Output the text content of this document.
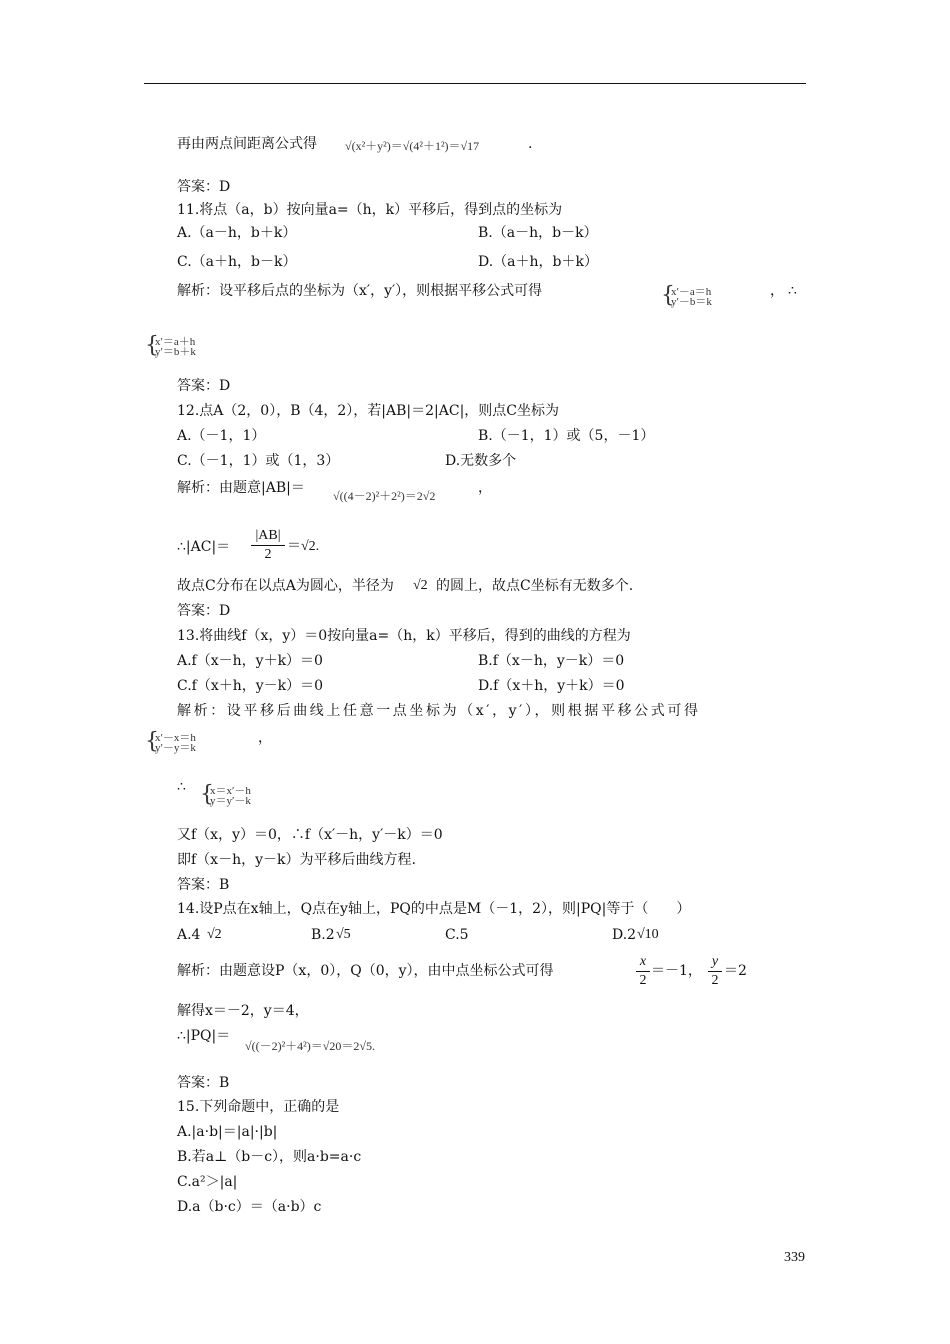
再由两点间距离公式得 √(x²＋y²)＝√(4²＋1²)＝√17	.
答案：D
11.将点（a，b）按向量a=（h，k）平移后，得到点的坐标为
A.（a－h，b＋k）	B.（a－h，b－k）
C.（a＋h，b－k）	D.（a＋h，b＋k）
解析：设平移后点的坐标为（x′，y′），则根据平移公式可得	{
x′－a＝h
y′－b＝k
， ∴
{
x′＝a＋h
y′＝b＋k
答案：D
12.点A（2，0），B（4，2），若|AB|＝2|AC|，则点C坐标为
A.（－1，1）	B.（－1，1）或（5，－1）
C.（－1，1）或（1，3）	D.无数多个
解析：由题意|AB|＝ √((4－2)²＋2²)＝2√2	，
∴|AC|＝ $\frac{|AB|}{2} =√2$.
故点C分布在以点A为圆心，半径为 √2 的圆上，故点C坐标有无数多个.
答案：D
13.将曲线f（x，y）＝0按向量a=（h，k）平移后，得到的曲线的方程为
A.f（x－h，y＋k）＝0	B.f（x－h，y－k）＝0
C.f（x＋h，y－k）＝0	D.f（x＋h，y＋k）＝0
解析：设平移后曲线上任意一点坐标为（x′，y′），则根据平移公式可得
{
x′－x＝h
y′－y＝k
，
∴ {
x＝x′－h
y＝y′－k
又f（x，y）＝0，∴f（x′－h，y′－k）＝0
即f（x－h，y－k）为平移后曲线方程.
答案：B
14.设P点在x轴上，Q点在y轴上，PQ的中点是M（－1，2），则|PQ|等于（　　）
A.4 √2	B.2 √5	C.5	D.2 √10
解析：由题意设P（x，0），Q（0，y），由中点坐标公式可得	$\frac{x}{2} =-1$， $\frac{y}{2} =2$
解得x＝－2，y＝4，
∴|PQ|＝
√((－2)²＋4²)＝√20＝2√5.
答案：B
15.下列命题中，正确的是
A.|a·b|＝|a|·|b|
B.若a⊥（b－c），则a·b=a·c
C.a²＞|a|
D.a（b·c）＝（a·b）c
339
